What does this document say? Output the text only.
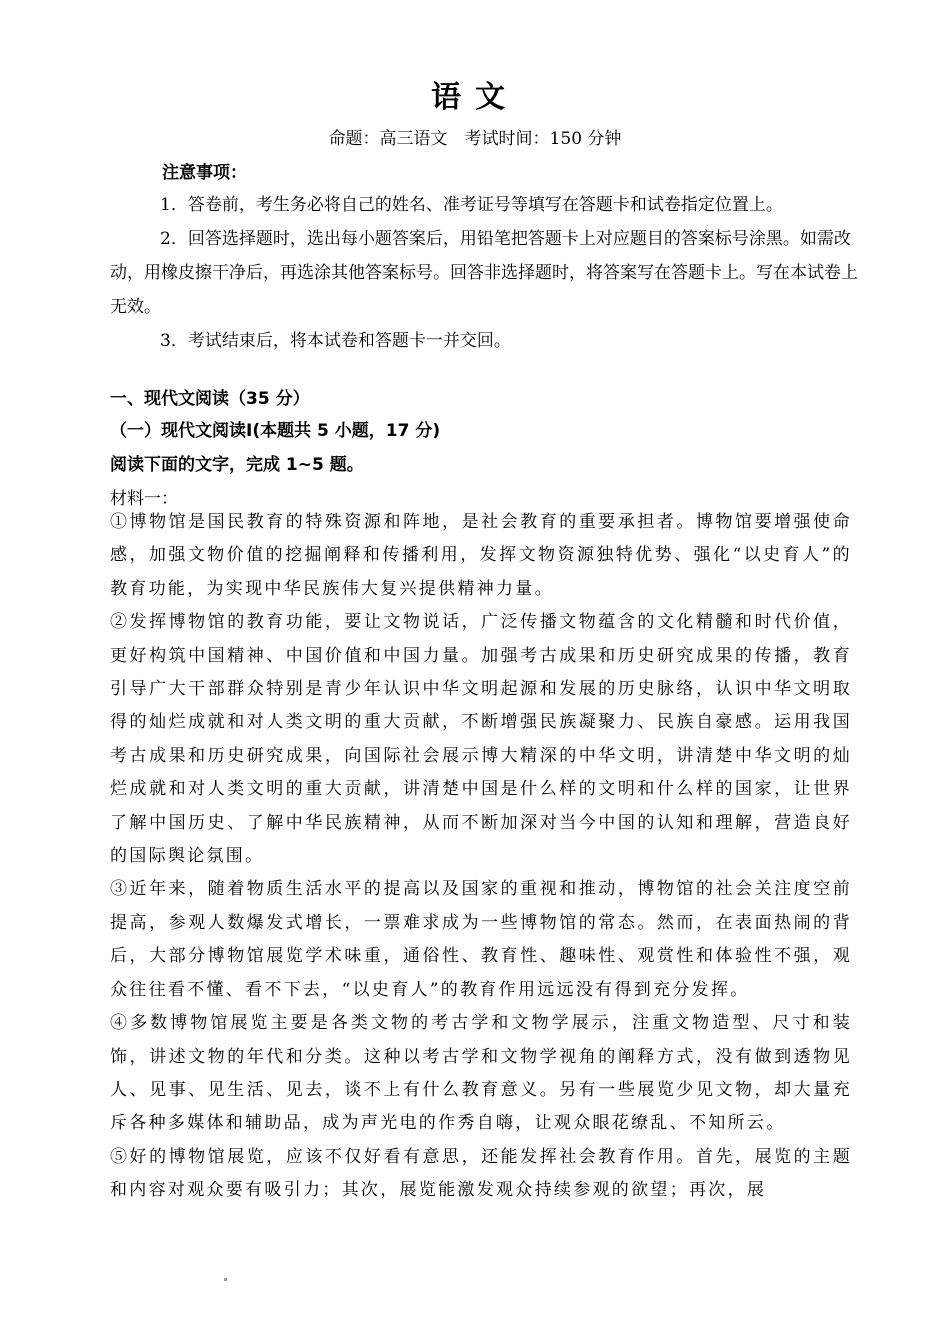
语文
命题：高三语文　考试时间：150 分钟
注意事项：

1．答卷前，考生务必将自己的姓名、准考证号等填写在答题卡和试卷指定位置上。

2．回答选择题时，选出每小题答案后，用铅笔把答题卡上对应题目的答案标号涂黑。如需改动，用橡皮擦干净后，再选涂其他答案标号。回答非选择题时，将答案写在答题卡上。写在本试卷上无效。

3．考试结束后，将本试卷和答题卡一并交回。

一、现代文阅读（35 分）
（一）现代文阅读Ⅰ(本题共 5 小题，17 分)
阅读下面的文字，完成 1~5 题。
材料一：

①博物馆是国民教育的特殊资源和阵地，是社会教育的重要承担者。博物馆要增强使命感，加强文物价值的挖掘阐释和传播利用，发挥文物资源独特优势、强化“以史育人”的教育功能，为实现中华民族伟大复兴提供精神力量。

②发挥博物馆的教育功能，要让文物说话，广泛传播文物蕴含的文化精髓和时代价值，更好构筑中国精神、中国价值和中国力量。加强考古成果和历史研究成果的传播，教育引导广大干部群众特别是青少年认识中华文明起源和发展的历史脉络，认识中华文明取得的灿烂成就和对人类文明的重大贡献，不断增强民族凝聚力、民族自豪感。运用我国考古成果和历史研究成果，向国际社会展示博大精深的中华文明，讲清楚中华文明的灿烂成就和对人类文明的重大贡献，讲清楚中国是什么样的文明和什么样的国家，让世界了解中国历史、了解中华民族精神，从而不断加深对当今中国的认知和理解，营造良好的国际舆论氛围。

③近年来，随着物质生活水平的提高以及国家的重视和推动，博物馆的社会关注度空前提高，参观人数爆发式增长，一票难求成为一些博物馆的常态。然而，在表面热闹的背后，大部分博物馆展览学术味重，通俗性、教育性、趣味性、观赏性和体验性不强，观众往往看不懂、看不下去，“以史育人”的教育作用远远没有得到充分发挥。

④多数博物馆展览主要是各类文物的考古学和文物学展示，注重文物造型、尺寸和装饰，讲述文物的年代和分类。这种以考古学和文物学视角的阐释方式，没有做到透物见人、见事、见生活、见去，谈不上有什么教育意义。另有一些展览少见文物，却大量充斥各种多媒体和辅助品，成为声光电的作秀自嗨，让观众眼花缭乱、不知所云。

⑤好的博物馆展览，应该不仅好看有意思，还能发挥社会教育作用。首先，展览的主题和内容对观众要有吸引力；其次，展览能激发观众持续参观的欲望；再次，展
